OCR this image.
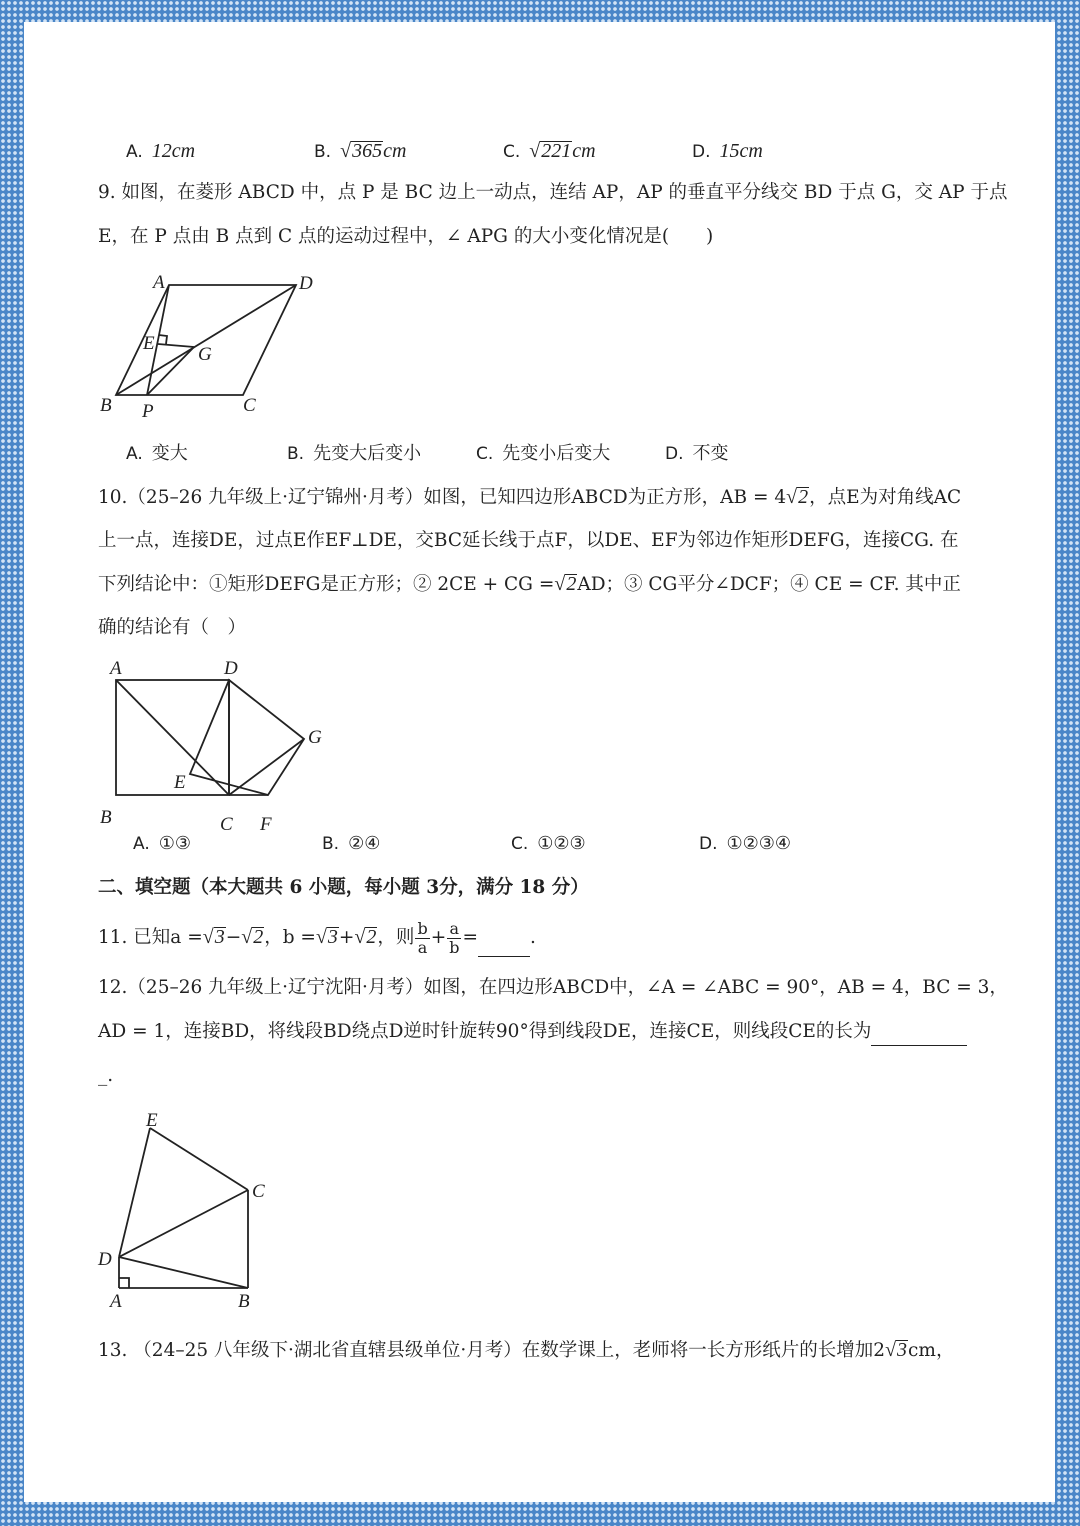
A. 12cm	B. √365cm	C. √221cm	D. 15cm
9. 如图，在菱形 ABCD 中，点 P 是 BC 边上一动点，连结 AP，AP 的垂直平分线交 BD 于点 G，交 AP 于点
E，在 P 点由 B 点到 C 点的运动过程中，∠ APG 的大小变化情况是(　　)
A	D
E
G
B P	C
A. 变大	B. 先变大后变小	C. 先变小后变大	D. 不变
10.（25–26 九年级上·辽宁锦州·月考）如图，已知四边形ABCD为正方形，AB = 4√2，点E为对角线AC
上一点，连接DE，过点E作EF⊥DE，交BC延长线于点F，以DE、EF为邻边作矩形DEFG，连接CG. 在
下列结论中：①矩形DEFG是正方形；② 2CE + CG =√2AD；③ CG平分∠DCF；④ CE = CF. 其中正
确的结论有（　）
A	D
G
E
B	C F
A. ①③	B. ②④	C. ①②③	D. ①②③④
二、填空题（本大题共 6 小题，每小题 3分，满分 18 分）
11. 已知a =√3−√2，b =√3+√2，则 $\frac{b}{a} + \frac{a}{b}$ =	.
12.（25–26 九年级上·辽宁沈阳·月考）如图，在四边形ABCD中，∠A = ∠ABC = 90°，AB = 4，BC = 3，
AD = 1，连接BD，将线段BD绕点D逆时针旋转90°得到线段DE，连接CE，则线段CE的长为
_.
E
C
D
A	B
13. （24–25 八年级下·湖北省直辖县级单位·月考）在数学课上，老师将一长方形纸片的长增加2√3cm，
